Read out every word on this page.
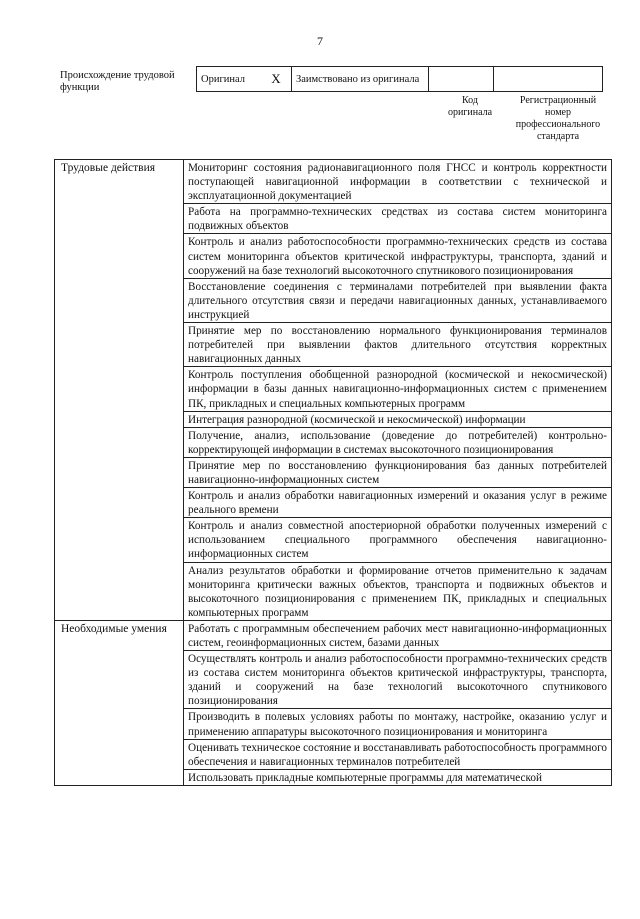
7
Происхождение трудовой функции
Оригинал	X	Заимствовано из оригинала		
Код оригинала
Регистрационный номер профессионального стандарта
Трудовые действия	Мониторинг состояния радионавигационного поля ГНСС и контроль корректности поступающей навигационной информации в соответствии с технической и эксплуатационной документацией
	Работа на программно-технических средствах из состава систем мониторинга подвижных объектов
	Контроль и анализ работоспособности программно-технических средств из состава систем мониторинга объектов критической инфраструктуры, транспорта, зданий и сооружений на базе технологий высокоточного спутникового позиционирования
	Восстановление соединения с терминалами потребителей при выявлении факта длительного отсутствия связи и передачи навигационных данных, устанавливаемого инструкцией
	Принятие мер по восстановлению нормального функционирования терминалов потребителей при выявлении фактов длительного отсутствия корректных навигационных данных
	Контроль поступления обобщенной разнородной (космической и некосмической) информации в базы данных навигационно-информационных систем с применением ПК, прикладных и специальных компьютерных программ
	Интеграция разнородной (космической и некосмической) информации
	Получение, анализ, использование (доведение до потребителей) контрольно-корректирующей информации в системах высокоточного позиционирования
	Принятие мер по восстановлению функционирования баз данных потребителей навигационно-информационных систем
	Контроль и анализ обработки навигационных измерений и оказания услуг в режиме реального времени
	Контроль и анализ совместной апостериорной обработки полученных измерений с использованием специального программного обеспечения навигационно-информационных систем
	Анализ результатов обработки и формирование отчетов применительно к задачам мониторинга критически важных объектов, транспорта и подвижных объектов и высокоточного позиционирования с применением ПК, прикладных и специальных компьютерных программ
Необходимые умения	Работать с программным обеспечением рабочих мест навигационно-информационных систем, геоинформационных систем, базами данных
	Осуществлять контроль и анализ работоспособности программно-технических средств из состава систем мониторинга объектов критической инфраструктуры, транспорта, зданий и сооружений на базе технологий высокоточного спутникового позиционирования
	Производить в полевых условиях работы по монтажу, настройке, оказанию услуг и применению аппаратуры высокоточного позиционирования и мониторинга
	Оценивать техническое состояние и восстанавливать работоспособность программного обеспечения и навигационных терминалов потребителей
	Использовать прикладные компьютерные программы для математической
